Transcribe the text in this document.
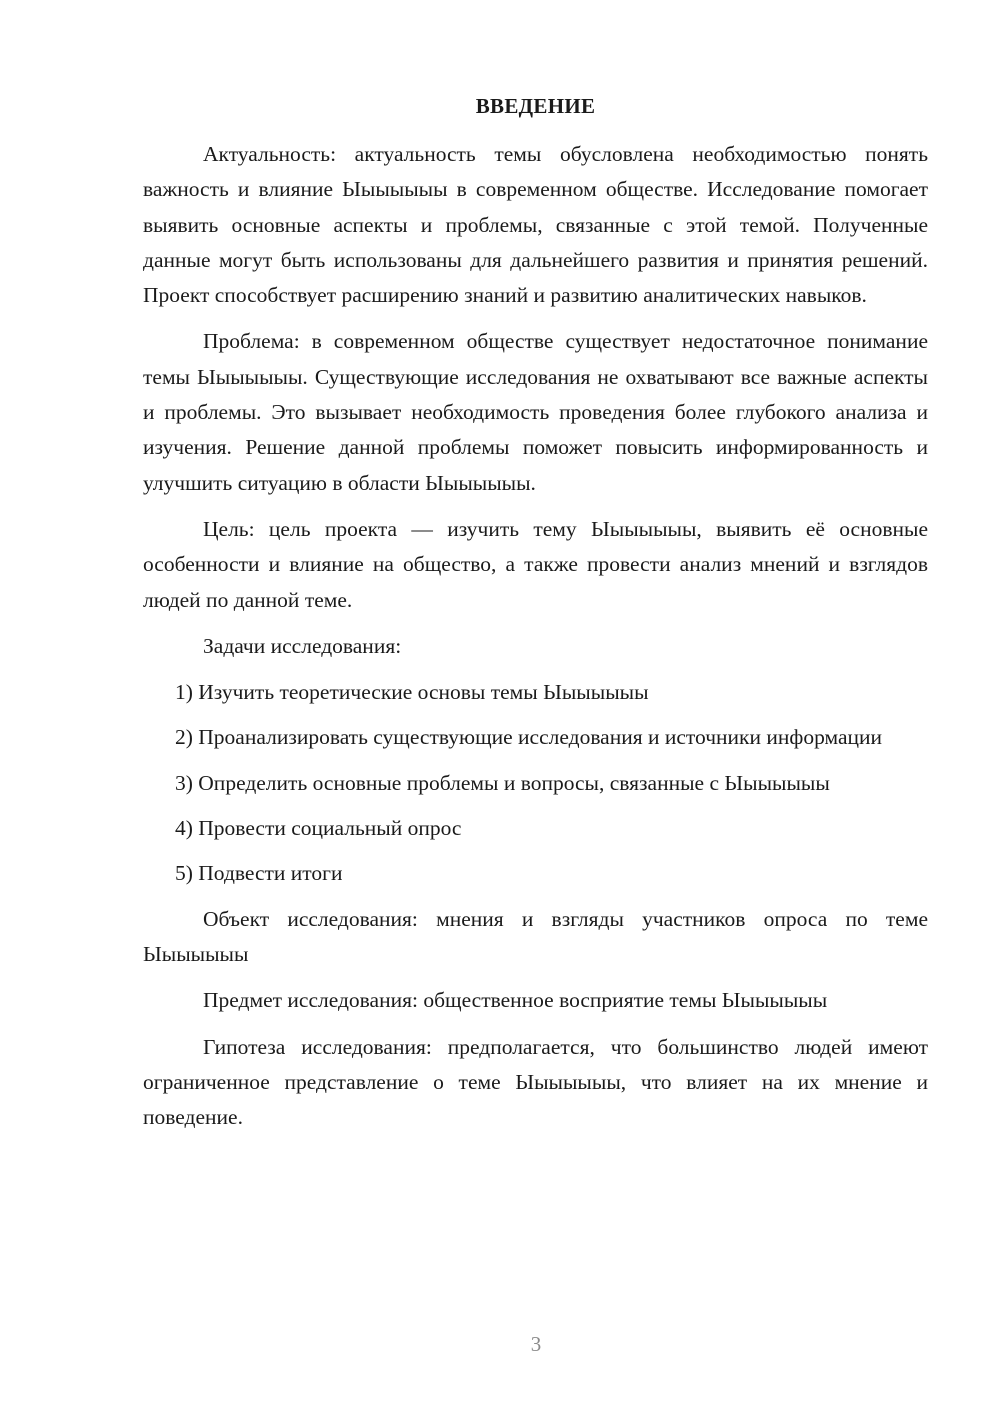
ВВЕДЕНИЕ

Актуальность: актуальность темы обусловлена необходимостью понять важность и влияние Ыыыыыыы в современном обществе. Исследование помогает выявить основные аспекты и проблемы, связанные с этой темой. Полученные данные могут быть использованы для дальнейшего развития и принятия решений. Проект способствует расширению знаний и развитию аналитических навыков.

Проблема: в современном обществе существует недостаточное понимание темы Ыыыыыыы. Существующие исследования не охватывают все важные аспекты и проблемы. Это вызывает необходимость проведения более глубокого анализа и изучения. Решение данной проблемы поможет повысить информированность и улучшить ситуацию в области Ыыыыыыы.

Цель: цель проекта — изучить тему Ыыыыыыы, выявить её основные особенности и влияние на общество, а также провести анализ мнений и взглядов людей по данной теме.

Задачи исследования:

1) Изучить теоретические основы темы Ыыыыыыы

2) Проанализировать существующие исследования и источники информации

3) Определить основные проблемы и вопросы, связанные с Ыыыыыыы

4) Провести социальный опрос

5) Подвести итоги

Объект исследования: мнения и взгляды участников опроса по теме Ыыыыыыы

Предмет исследования: общественное восприятие темы Ыыыыыыы

Гипотеза исследования: предполагается, что большинство людей имеют ограниченное представление о теме Ыыыыыыы, что влияет на их мнение и поведение.

3
